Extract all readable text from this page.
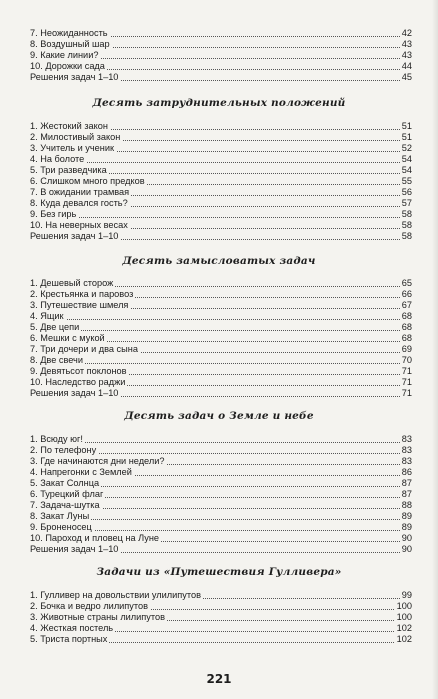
7. Неожиданность	42
8. Воздушный шар	43
9. Какие линии?	43
10. Дорожки сада	44
Решения задач 1–10	45
Десять затруднительных положений
1. Жестокий закон	51
2. Милостивый закон	51
3. Учитель и ученик	52
4. На болоте	54
5. Три разведчика	54
6. Слишком много предков	55
7. В ожидании трамвая	56
8. Куда девался гость?	57
9. Без гирь	58
10. На неверных весах	58
Решения задач 1–10	58
Десять замысловатых задач
1. Дешевый сторож	65
2. Крестьянка и паровоз	66
3. Путешествие шмеля	67
4. Ящик	68
5. Две цепи	68
6. Мешки с мукой	68
7. Три дочери и два сына	69
8. Две свечи	70
9. Девятьсот поклонов	71
10. Наследство раджи	71
Решения задач 1–10	71
Десять задач о Земле и небе
1. Всюду юг!	83
2. По телефону	83
3. Где начинаются дни недели?	83
4. Напрегонки с Землей	86
5. Закат Солнца	87
6. Турецкий флаг	87
7. Задача-шутка	88
8. Закат Луны	89
9. Броненосец	89
10. Пароход и пловец на Луне	90
Решения задач 1–10	90
Задачи из «Путешествия Гулливера»
1. Гулливер на довольствии улилипутов	99
2. Бочка и ведро лилипутов	100
3. Животные страны лилипутов	100
4. Жесткая постель	102
5. Триста портных	102
221
